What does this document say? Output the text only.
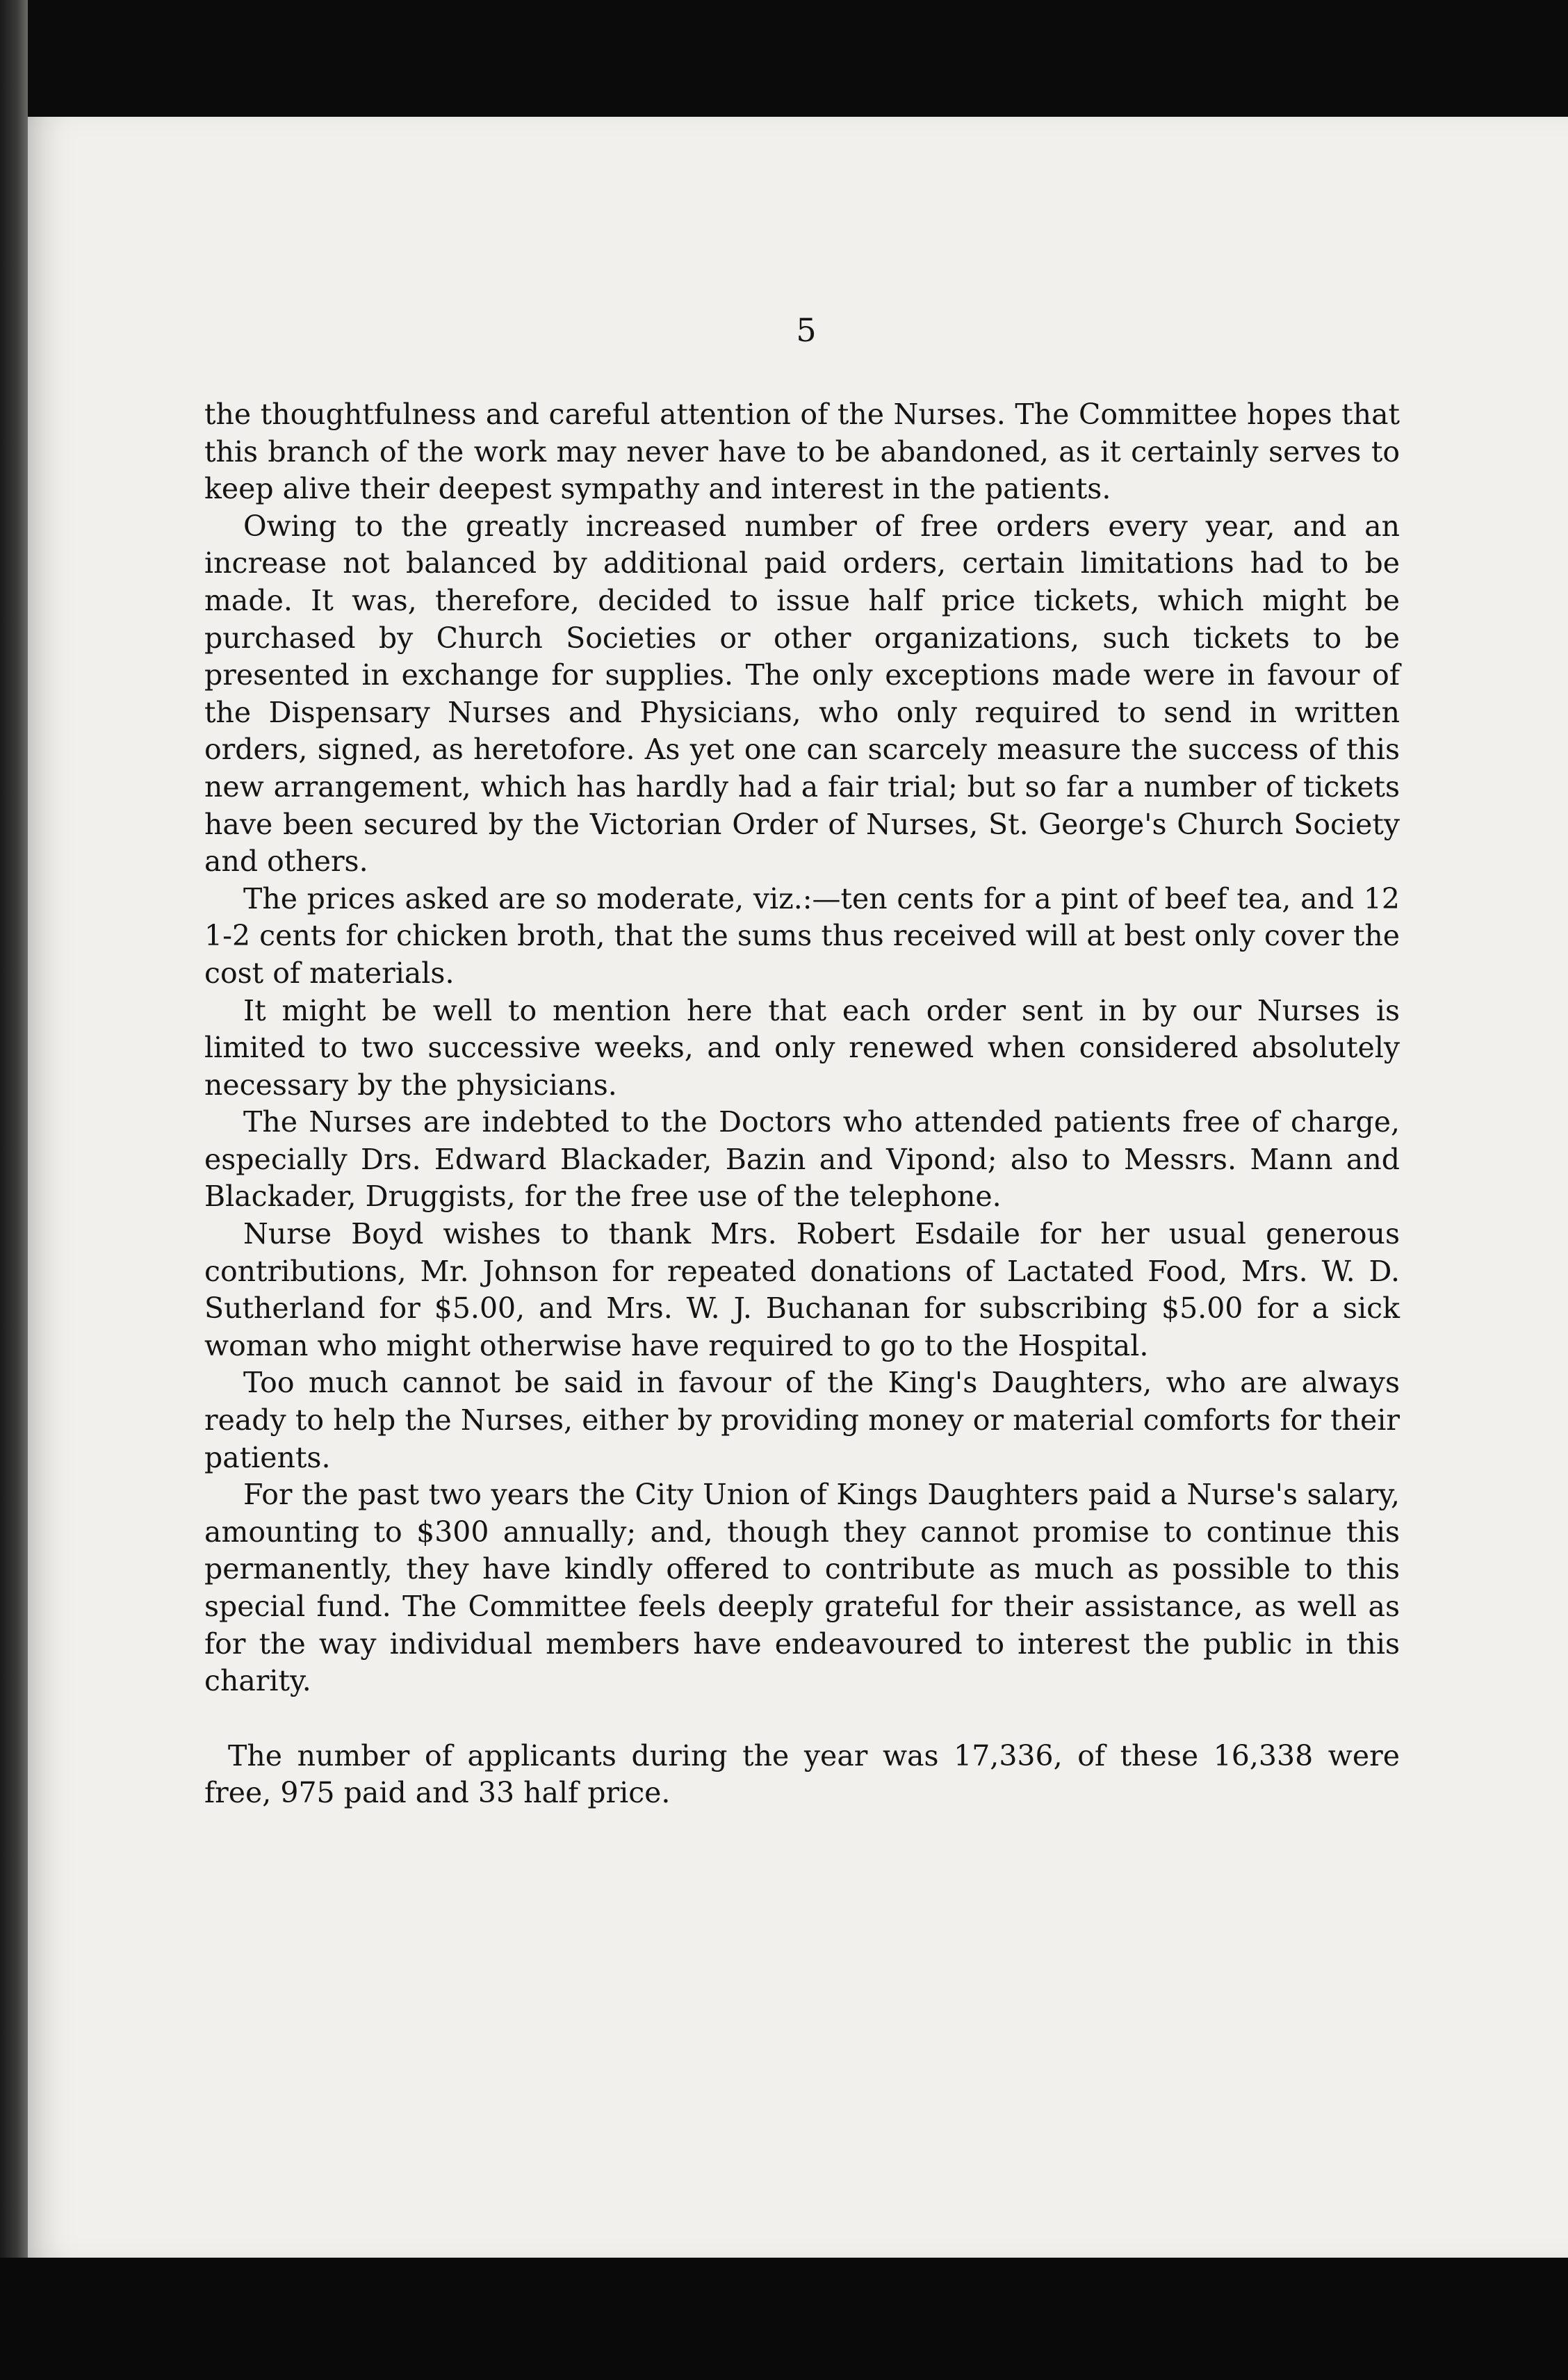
5

the thoughtfulness and careful attention of the Nurses. The Committee hopes that this branch of the work may never have to be abandoned, as it certainly serves to keep alive their deepest sympathy and interest in the patients.

Owing to the greatly increased number of free orders every year, and an increase not balanced by additional paid orders, certain limitations had to be made. It was, therefore, decided to issue half price tickets, which might be purchased by Church Societies or other organizations, such tickets to be presented in exchange for supplies. The only exceptions made were in favour of the Dispensary Nurses and Physicians, who only required to send in written orders, signed, as heretofore. As yet one can scarcely measure the success of this new arrangement, which has hardly had a fair trial; but so far a number of tickets have been secured by the Victorian Order of Nurses, St. George's Church Society and others.

The prices asked are so moderate, viz.:—ten cents for a pint of beef tea, and 12 1-2 cents for chicken broth, that the sums thus received will at best only cover the cost of materials.

It might be well to mention here that each order sent in by our Nurses is limited to two successive weeks, and only renewed when considered absolutely necessary by the physicians.

The Nurses are indebted to the Doctors who attended patients free of charge, especially Drs. Edward Blackader, Bazin and Vipond; also to Messrs. Mann and Blackader, Druggists, for the free use of the telephone.

Nurse Boyd wishes to thank Mrs. Robert Esdaile for her usual generous contributions, Mr. Johnson for repeated donations of Lactated Food, Mrs. W. D. Sutherland for $5.00, and Mrs. W. J. Buchanan for subscribing $5.00 for a sick woman who might otherwise have required to go to the Hospital.

Too much cannot be said in favour of the King's Daughters, who are always ready to help the Nurses, either by providing money or material comforts for their patients.

For the past two years the City Union of Kings Daughters paid a Nurse's salary, amounting to $300 annually; and, though they cannot promise to continue this permanently, they have kindly offered to contribute as much as possible to this special fund. The Committee feels deeply grateful for their assistance, as well as for the way individual members have endeavoured to interest the public in this charity.

The number of applicants during the year was 17,336, of these 16,338 were free, 975 paid and 33 half price.
